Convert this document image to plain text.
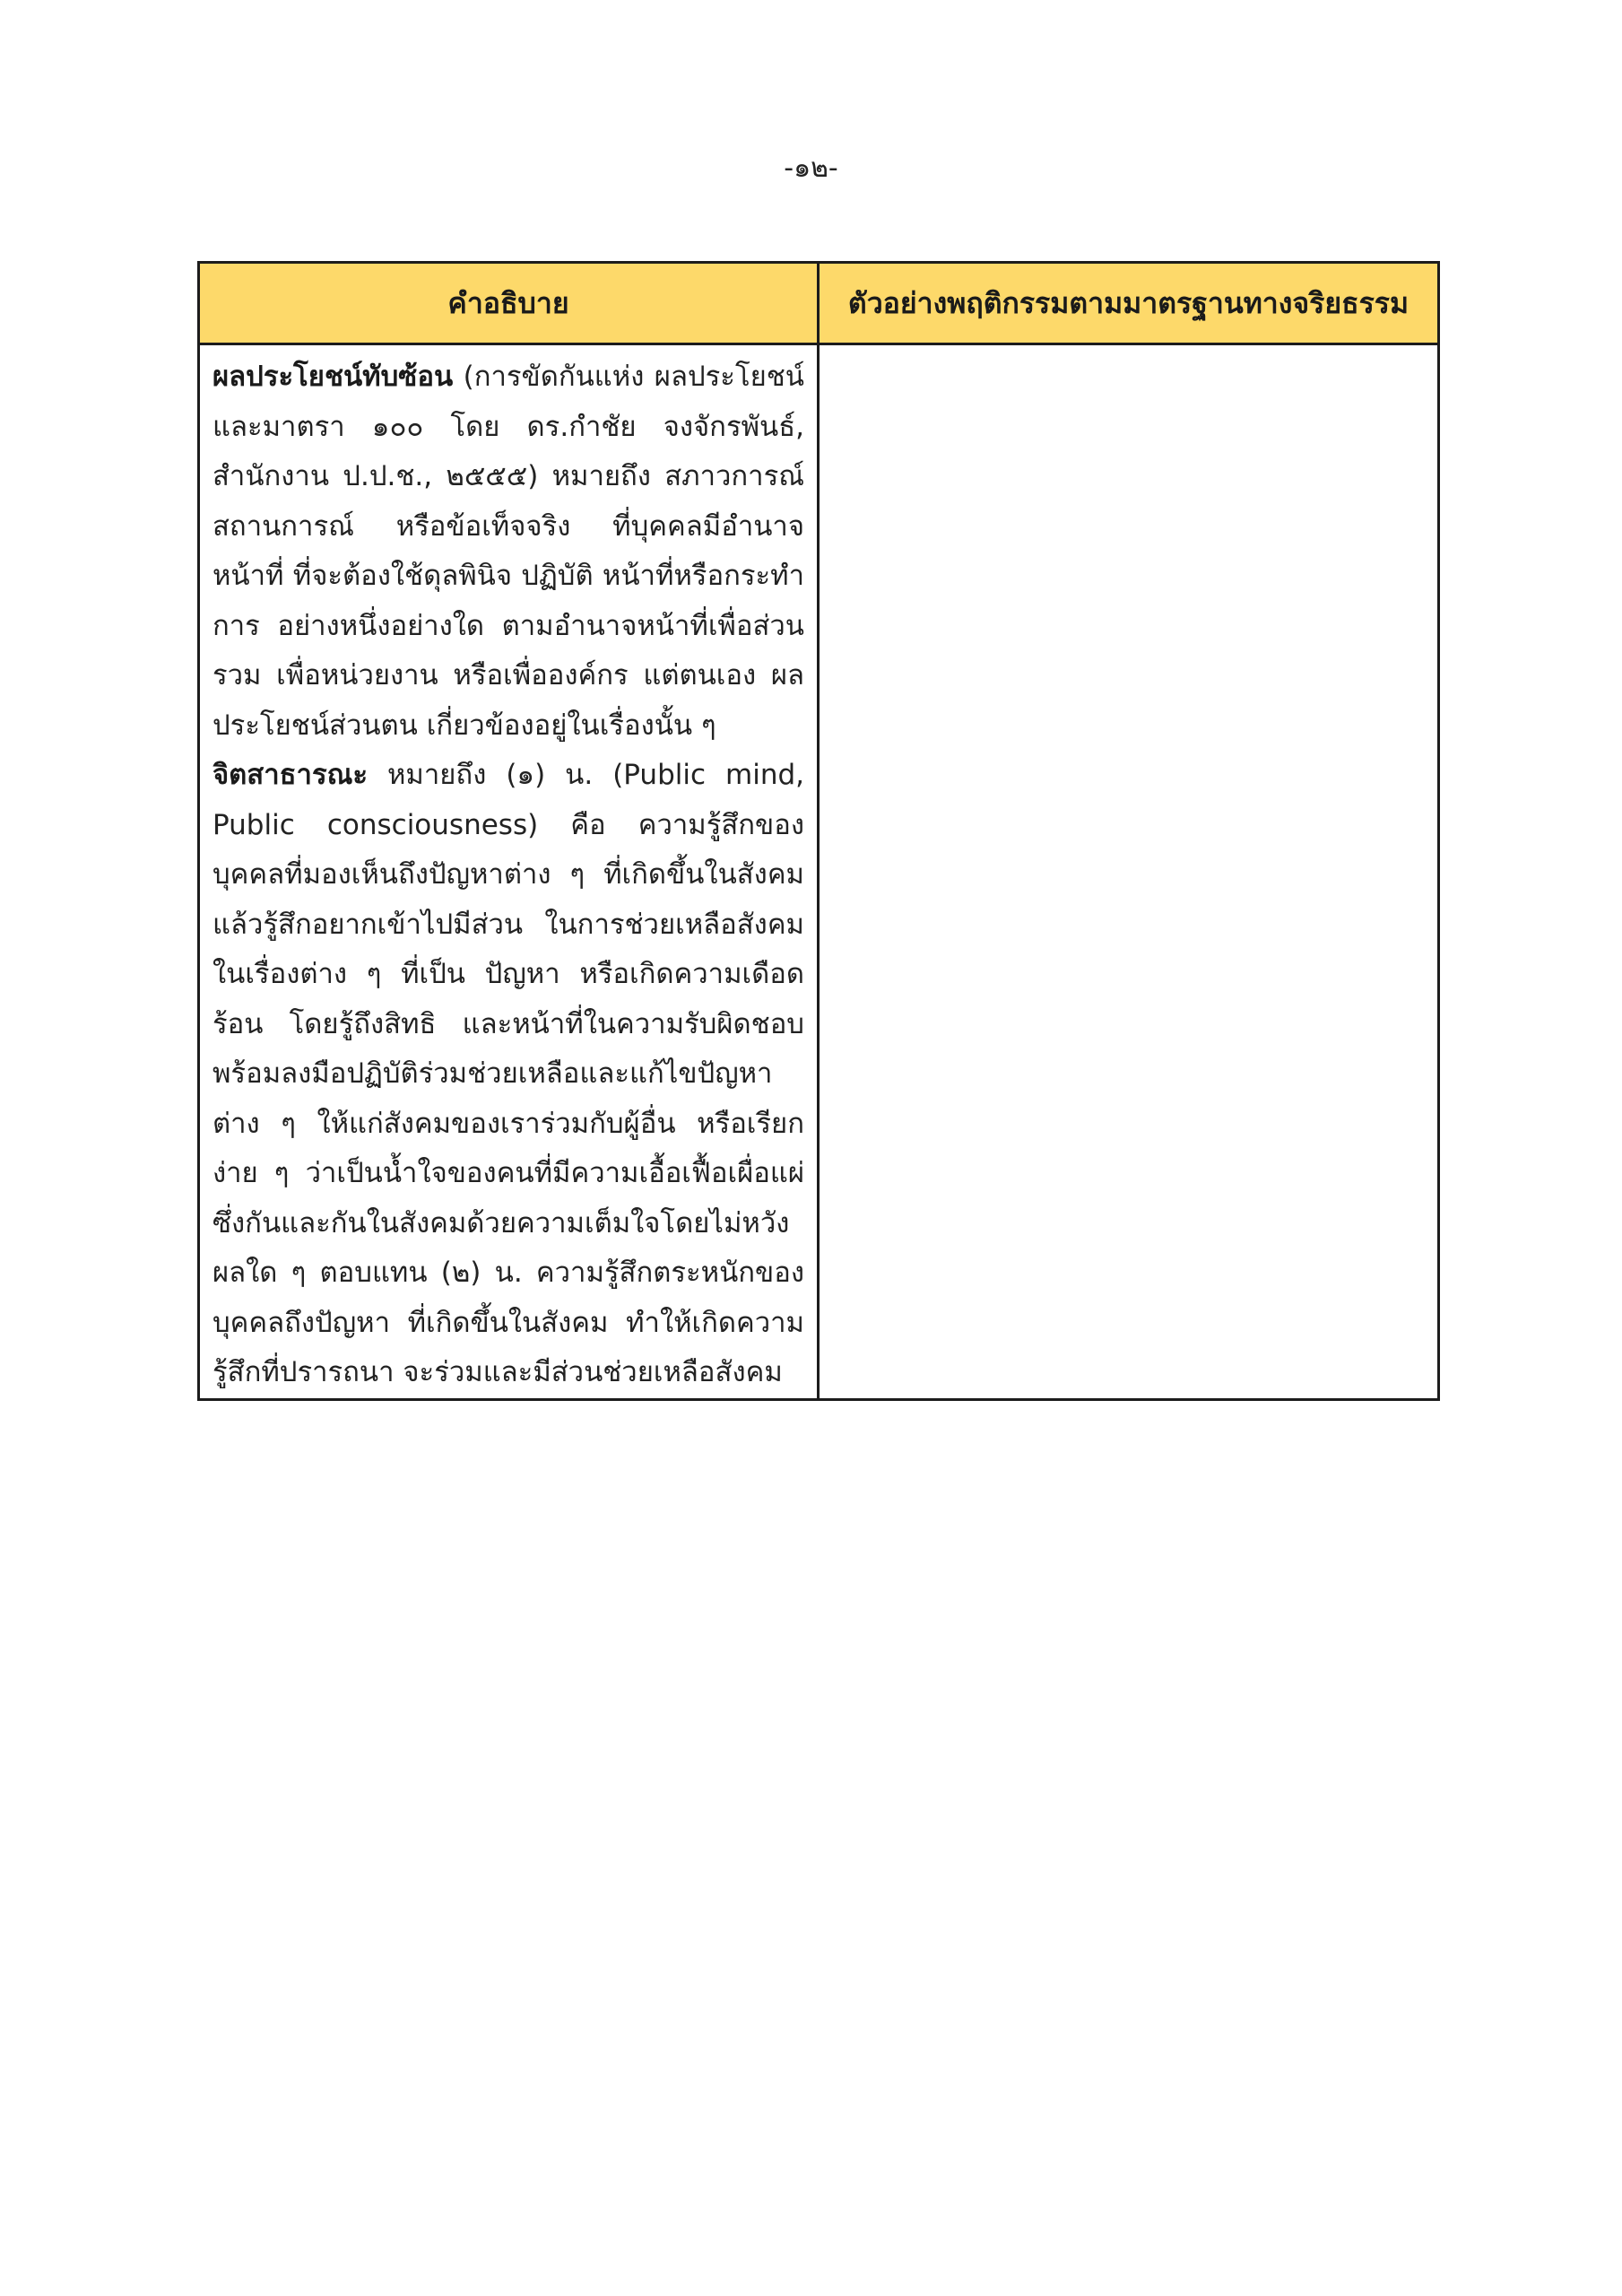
-๑๒-
คำอธิบาย	ตัวอย่างพฤติกรรมตามมาตรฐานทางจริยธรรม

ผลประโยชน์ทับซ้อน (การขัดกันแห่ง ผลประโยชน์ และมาตรา ๑๐๐ โดย ดร.กำชัย จงจักรพันธ์, สำนักงาน ป.ป.ช., ๒๕๕๕) หมายถึง สภาวการณ์ สถานการณ์ หรือข้อเท็จจริง ที่บุคคลมีอำนาจหน้าที่ ที่จะต้องใช้ดุลพินิจ ปฏิบัติ หน้าที่หรือกระทำการ อย่างหนึ่งอย่างใด ตามอำนาจหน้าที่เพื่อส่วนรวม เพื่อหน่วยงาน หรือเพื่อองค์กร แต่ตนเอง ผลประโยชน์ส่วนตน เกี่ยวข้องอยู่ในเรื่องนั้น ๆ
จิตสาธารณะ หมายถึง (๑) น. (Public mind, Public consciousness) คือ ความรู้สึกของบุคคลที่มองเห็นถึงปัญหาต่าง ๆ ที่เกิดขึ้นในสังคม แล้วรู้สึกอยากเข้าไปมีส่วน ในการช่วยเหลือสังคมในเรื่องต่าง ๆ ที่เป็น ปัญหา หรือเกิดความเดือดร้อน โดยรู้ถึงสิทธิ และหน้าที่ในความรับผิดชอบ พร้อมลงมือปฏิบัติร่วมช่วยเหลือและแก้ไขปัญหาต่าง ๆ ให้แก่สังคมของเราร่วมกับผู้อื่น หรือเรียกง่าย ๆ ว่าเป็นน้ำใจของคนที่มีความเอื้อเฟื้อเผื่อแผ่ซึ่งกันและกันในสังคมด้วยความเต็มใจโดยไม่หวัง ผลใด ๆ ตอบแทน (๒) น. ความรู้สึกตระหนักของบุคคลถึงปัญหา ที่เกิดขึ้นในสังคม ทำให้เกิดความรู้สึกที่ปรารถนา จะร่วมและมีส่วนช่วยเหลือสังคม	
